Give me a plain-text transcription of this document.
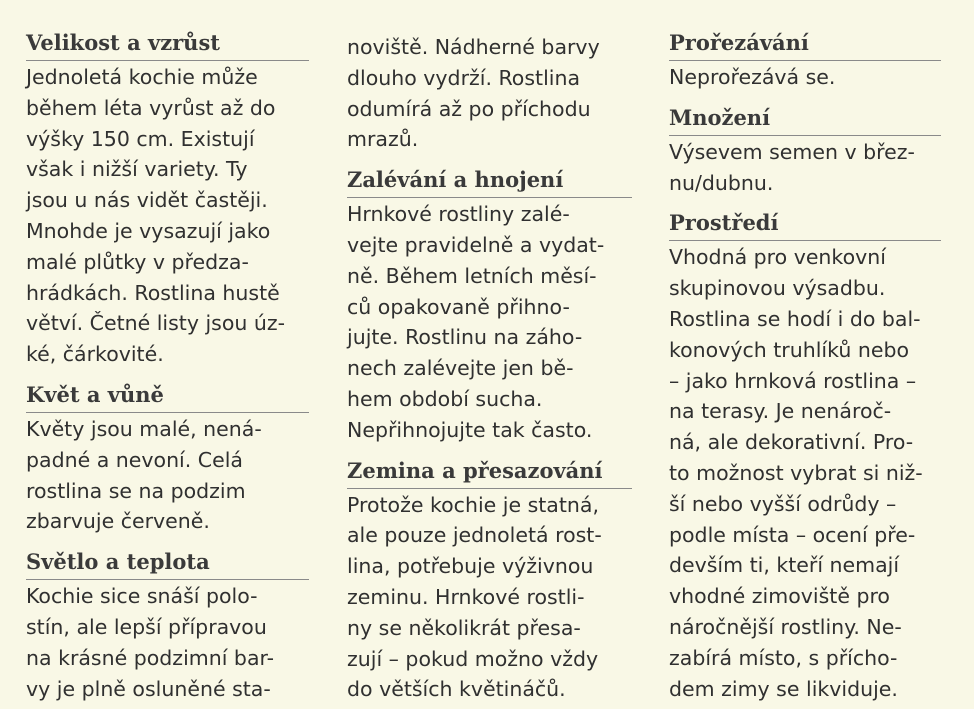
Velikost a vzrůst
Jednoletá kochie může
během léta vyrůst až do
výšky 150 cm. Existují
však i nižší variety. Ty
jsou u nás vidět častěji.
Mnohde je vysazují jako
malé plůtky v předza-
hrádkách. Rostlina hustě
větví. Četné listy jsou úz-
ké, čárkovité.
Květ a vůně
Květy jsou malé, nená-
padné a nevoní. Celá
rostlina se na podzim
zbarvuje červeně.
Světlo a teplota
Kochie sice snáší polo-
stín, ale lepší přípravou
na krásné podzimní bar-
vy je plně osluněné sta-
noviště. Nádherné barvy
dlouho vydrží. Rostlina
odumírá až po příchodu
mrazů.
Zalévání a hnojení
Hrnkové rostliny zalé-
vejte pravidelně a vydat-
ně. Během letních měsí-
ců opakovaně přihno-
jujte. Rostlinu na záho-
nech zalévejte jen bě-
hem období sucha.
Nepřihnojujte tak často.
Zemina a přesazování
Protože kochie je statná,
ale pouze jednoletá rost-
lina, potřebuje výživnou
zeminu. Hrnkové rostli-
ny se několikrát přesa-
zují – pokud možno vždy
do větších květináčů.
Prořezávání
Neprořezává se.
Množení
Výsevem semen v břez-
nu/dubnu.
Prostředí
Vhodná pro venkovní
skupinovou výsadbu.
Rostlina se hodí i do bal-
konových truhlíků nebo
– jako hrnková rostlina –
na terasy. Je nenároč-
ná, ale dekorativní. Pro-
to možnost vybrat si niž-
ší nebo vyšší odrůdy –
podle místa – ocení pře-
devším ti, kteří nemají
vhodné zimoviště pro
náročnější rostliny. Ne-
zabírá místo, s přícho-
dem zimy se likviduje.
